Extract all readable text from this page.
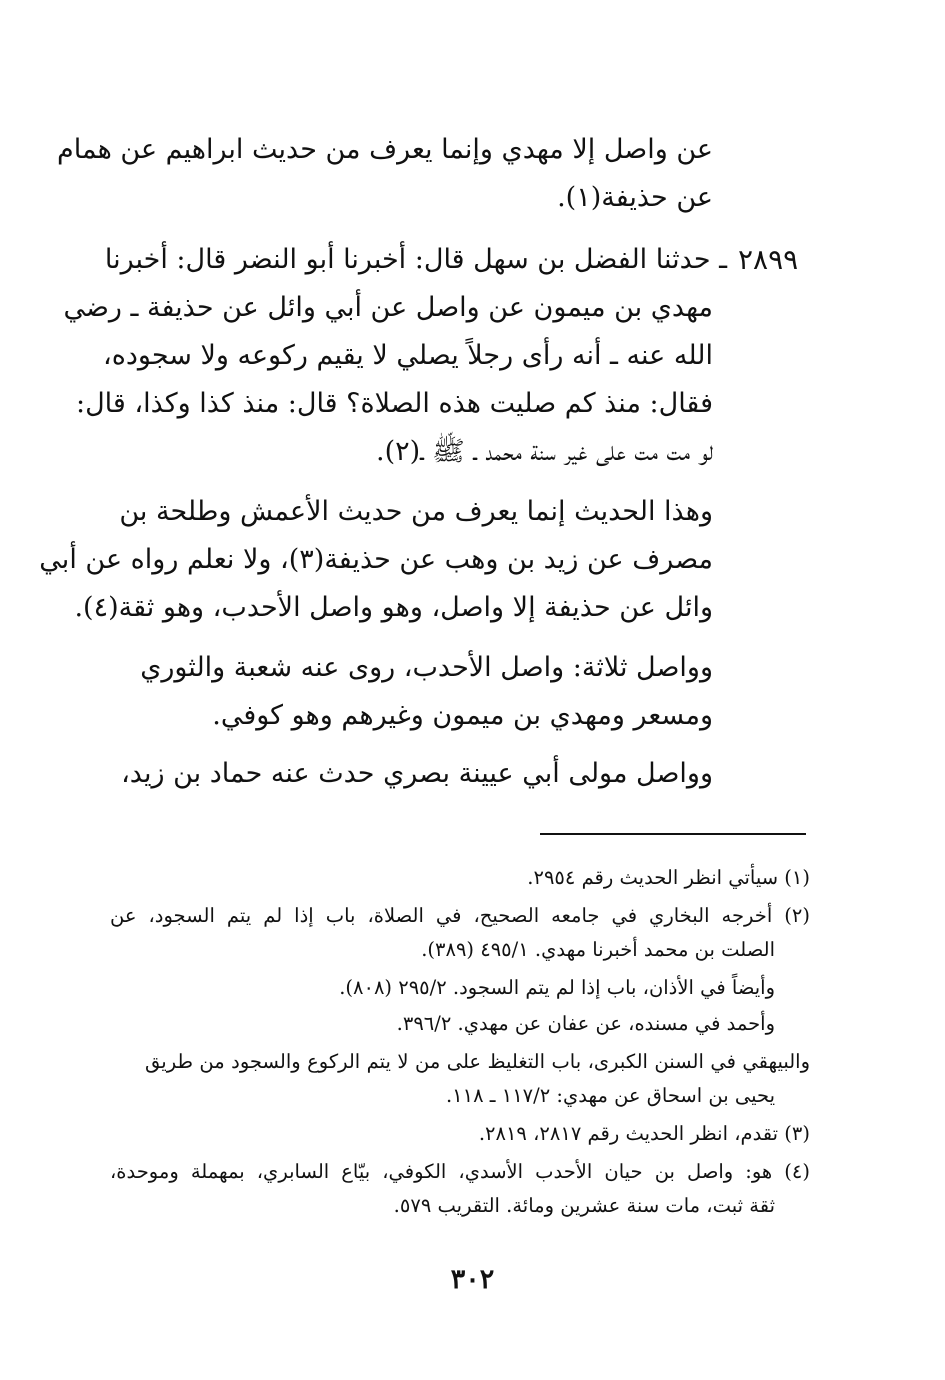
عن واصل إلا مهدي وإنما يعرف من حديث ابراهيم عن همام
عن حذيفة(١).
٢٨٩٩
ـ حدثنا الفضل بن سهل قال: أخبرنا أبو النضر قال: أخبرنا
مهدي بن ميمون عن واصل عن أبي وائل عن حذيفة ـ رضي
الله عنه ـ أنه رأى رجلاً يصلي لا يقيم ركوعه ولا سجوده،
فقال: منذ كم صليت هذه الصلاة؟ قال: منذ كذا وكذا، قال:
لو مت مت على غير سنة محمد ـ ﷺ ـ(٢).
وهذا الحديث إنما يعرف من حديث الأعمش وطلحة بن
مصرف عن زيد بن وهب عن حذيفة(٣)، ولا نعلم رواه عن أبي
وائل عن حذيفة إلا واصل، وهو واصل الأحدب، وهو ثقة(٤).
وواصل ثلاثة: واصل الأحدب، روى عنه شعبة والثوري
ومسعر ومهدي بن ميمون وغيرهم وهو كوفي.
وواصل مولى أبي عيينة بصري حدث عنه حماد بن زيد،
(١) سيأتي انظر الحديث رقم ٢٩٥٤.
(٢) أخرجه البخاري في جامعه الصحيح، في الصلاة، باب إذا لم يتم السجود، عن
الصلت بن محمد أخبرنا مهدي. ٤٩٥/١ (٣٨٩).
وأيضاً في الأذان، باب إذا لم يتم السجود. ٢٩٥/٢ (٨٠٨).
وأحمد في مسنده، عن عفان عن مهدي. ٣٩٦/٢.
والبيهقي في السنن الكبرى، باب التغليظ على من لا يتم الركوع والسجود من طريق
يحيى بن اسحاق عن مهدي: ١١٧/٢ ـ ١١٨.
(٣) تقدم، انظر الحديث رقم ٢٨١٧، ٢٨١٩.
(٤) هو: واصل بن حيان الأحدب الأسدي، الكوفي، بيّاع السابري، بمهملة وموحدة،
ثقة ثبت، مات سنة عشرين ومائة. التقريب ٥٧٩.
٣٠٢
